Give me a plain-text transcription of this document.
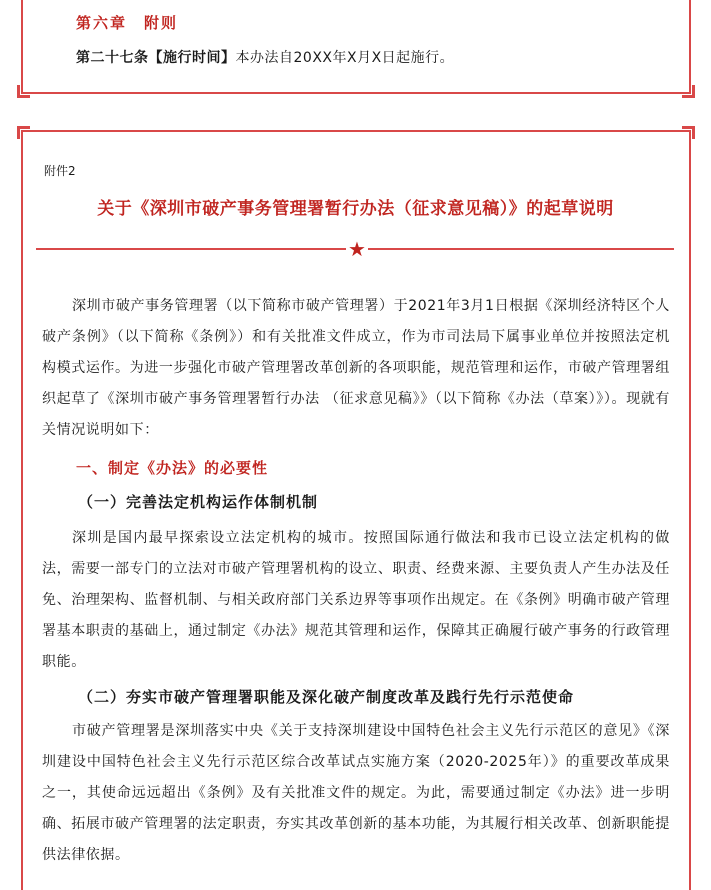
第六章　附则
第二十七条【施行时间】本办法自20XX年X月X日起施行。
附件2
关于《深圳市破产事务管理署暂行办法（征求意见稿）》的起草说明
★
深圳市破产事务管理署（以下简称市破产管理署）于2021年3月1日根据《深圳经济特区个人破产条例》（以下简称《条例》）和有关批准文件成立，作为市司法局下属事业单位并按照法定机构模式运作。为进一步强化市破产管理署改革创新的各项职能，规范管理和运作，市破产管理署组织起草了《深圳市破产事务管理署暂行办法 （征求意见稿》》（以下简称《办法（草案）》）。现就有关情况说明如下：
一、制定《办法》的必要性
（一）完善法定机构运作体制机制
深圳是国内最早探索设立法定机构的城市。按照国际通行做法和我市已设立法定机构的做法，需要一部专门的立法对市破产管理署机构的设立、职责、经费来源、主要负责人产生办法及任免、治理架构、监督机制、与相关政府部门关系边界等事项作出规定。在《条例》明确市破产管理署基本职责的基础上，通过制定《办法》规范其管理和运作，保障其正确履行破产事务的行政管理职能。
（二）夯实市破产管理署职能及深化破产制度改革及践行先行示范使命
市破产管理署是深圳落实中央《关于支持深圳建设中国特色社会主义先行示范区的意见》《深圳建设中国特色社会主义先行示范区综合改革试点实施方案（2020-2025年）》的重要改革成果之一，其使命远远超出《条例》及有关批准文件的规定。为此，需要通过制定《办法》进一步明确、拓展市破产管理署的法定职责，夯实其改革创新的基本功能，为其履行相关改革、创新职能提供法律依据。
